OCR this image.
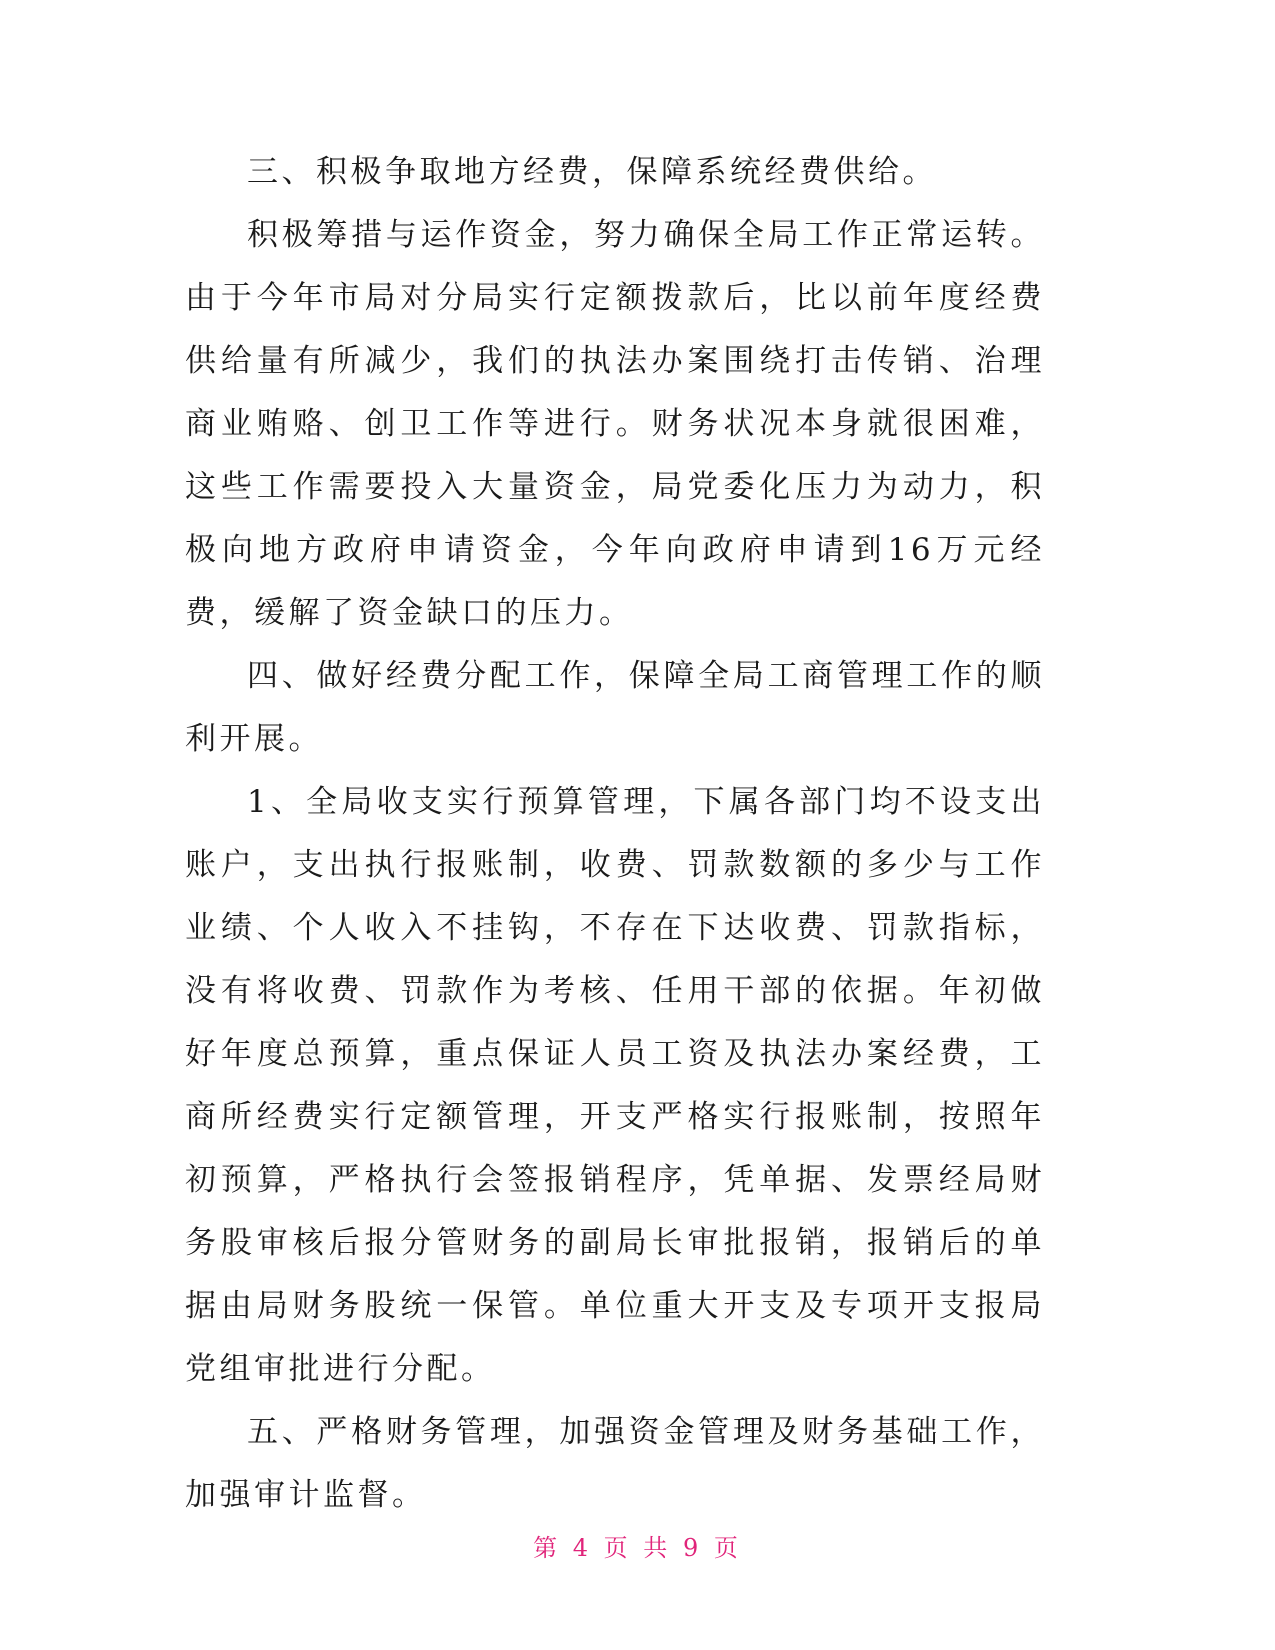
三、积极争取地方经费，保障系统经费供给。

积极筹措与运作资金，努力确保全局工作正常运转。由于今年市局对分局实行定额拨款后，比以前年度经费供给量有所减少，我们的执法办案围绕打击传销、治理商业贿赂、创卫工作等进行。财务状况本身就很困难，这些工作需要投入大量资金，局党委化压力为动力，积极向地方政府申请资金，今年向政府申请到16万元经费，缓解了资金缺口的压力。

四、做好经费分配工作，保障全局工商管理工作的顺利开展。

1、全局收支实行预算管理，下属各部门均不设支出账户，支出执行报账制，收费、罚款数额的多少与工作业绩、个人收入不挂钩，不存在下达收费、罚款指标，没有将收费、罚款作为考核、任用干部的依据。年初做好年度总预算，重点保证人员工资及执法办案经费，工商所经费实行定额管理，开支严格实行报账制，按照年初预算，严格执行会签报销程序，凭单据、发票经局财务股审核后报分管财务的副局长审批报销，报销后的单据由局财务股统一保管。单位重大开支及专项开支报局党组审批进行分配。

五、严格财务管理，加强资金管理及财务基础工作，加强审计监督。

第 4 页 共 9 页
